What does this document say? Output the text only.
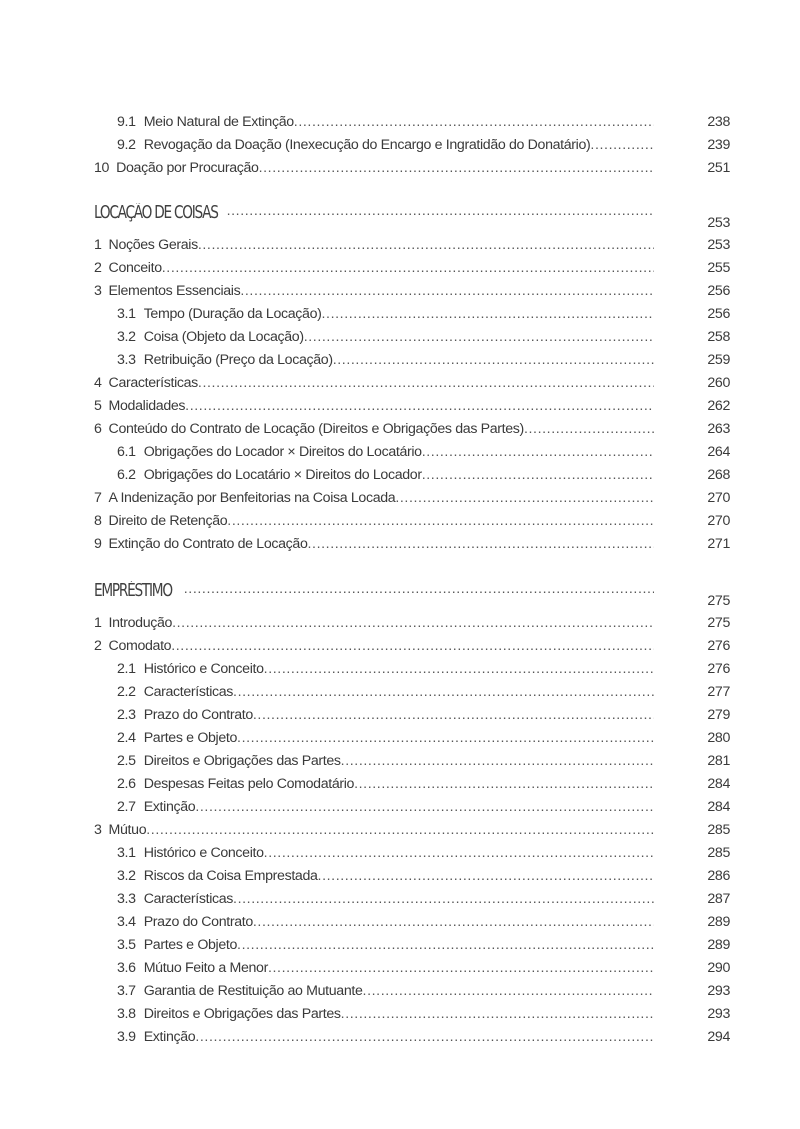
9.1 Meio Natural de Extinção .....	238
9.2 Revogação da Doação (Inexecução do Encargo e Ingratidão do Donatário) .....	239
10 Doação por Procuração .....	251
LOCAÇÃO DE COISAS .....	253
1 Noções Gerais .....	253
2 Conceito .....	255
3 Elementos Essenciais .....	256
3.1 Tempo (Duração da Locação) .....	256
3.2 Coisa (Objeto da Locação) .....	258
3.3 Retribuição (Preço da Locação) .....	259
4 Características .....	260
5 Modalidades .....	262
6 Conteúdo do Contrato de Locação (Direitos e Obrigações das Partes) .....	263
6.1 Obrigações do Locador × Direitos do Locatário .....	264
6.2 Obrigações do Locatário × Direitos do Locador .....	268
7 A Indenização por Benfeitorias na Coisa Locada .....	270
8 Direito de Retenção .....	270
9 Extinção do Contrato de Locação .....	271
EMPRÉSTIMO .....	275
1 Introdução .....	275
2 Comodato .....	276
2.1 Histórico e Conceito .....	276
2.2 Características .....	277
2.3 Prazo do Contrato .....	279
2.4 Partes e Objeto .....	280
2.5 Direitos e Obrigações das Partes .....	281
2.6 Despesas Feitas pelo Comodatário .....	284
2.7 Extinção .....	284
3 Mútuo .....	285
3.1 Histórico e Conceito .....	285
3.2 Riscos da Coisa Emprestada .....	286
3.3 Características .....	287
3.4 Prazo do Contrato .....	289
3.5 Partes e Objeto .....	289
3.6 Mútuo Feito a Menor .....	290
3.7 Garantia de Restituição ao Mutuante .....	293
3.8 Direitos e Obrigações das Partes .....	293
3.9 Extinção .....	294
